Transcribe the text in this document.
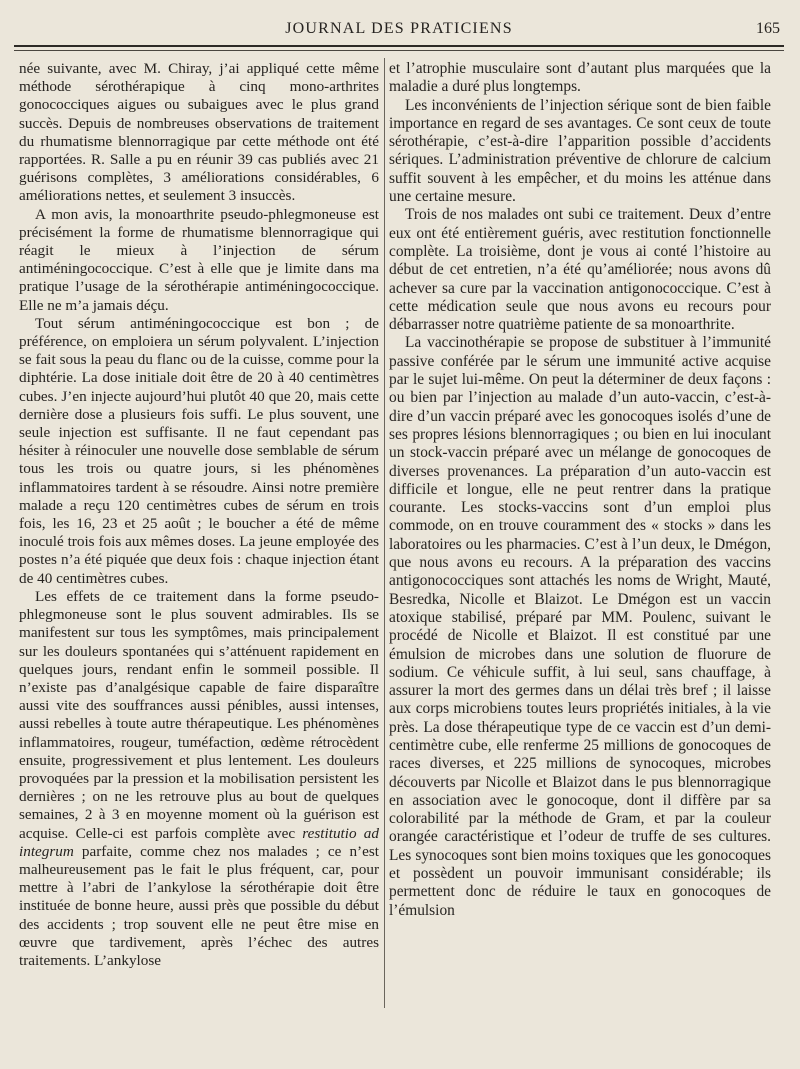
JOURNAL DES PRATICIENS	165

née suivante, avec M. Chiray, j’ai appliqué cette même méthode sérothérapique à cinq mono-arthrites gonococciques aigues ou subaigues avec le plus grand succès. Depuis de nombreuses observations de traitement du rhumatisme blennorragique par cette méthode ont été rapportées. R. Salle a pu en réunir 39 cas publiés avec 21 guérisons complètes, 3 améliorations considérables, 6 améliorations nettes, et seulement 3 insuccès.

A mon avis, la monoarthrite pseudo-phlegmoneuse est précisément la forme de rhumatisme blennorragique qui réagit le mieux à l’injection de sérum antiméningococcique. C’est à elle que je limite dans ma pratique l’usage de la sérothérapie antiméningococcique. Elle ne m’a jamais déçu.

Tout sérum antiméningococcique est bon ; de préférence, on emploiera un sérum polyvalent. L’injection se fait sous la peau du flanc ou de la cuisse, comme pour la diphtérie. La dose initiale doit être de 20 à 40 centimètres cubes. J’en injecte aujourd’hui plutôt 40 que 20, mais cette dernière dose a plusieurs fois suffi. Le plus souvent, une seule injection est suffisante. Il ne faut cependant pas hésiter à réinoculer une nouvelle dose semblable de sérum tous les trois ou quatre jours, si les phénomènes inflammatoires tardent à se résoudre. Ainsi notre première malade a reçu 120 centimètres cubes de sérum en trois fois, les 16, 23 et 25 août ; le boucher a été de même inoculé trois fois aux mêmes doses. La jeune employée des postes n’a été piquée que deux fois : chaque injection étant de 40 centimètres cubes.

Les effets de ce traitement dans la forme pseudo-phlegmoneuse sont le plus souvent admirables. Ils se manifestent sur tous les symptômes, mais principalement sur les douleurs spontanées qui s’atténuent rapidement en quelques jours, rendant enfin le sommeil possible. Il n’existe pas d’analgésique capable de faire disparaître aussi vite des souffrances aussi pénibles, aussi intenses, aussi rebelles à toute autre thérapeutique. Les phénomènes inflammatoires, rougeur, tuméfaction, œdème rétrocèdent ensuite, progressivement et plus lentement. Les douleurs provoquées par la pression et la mobilisation persistent les dernières ; on ne les retrouve plus au bout de quelques semaines, 2 à 3 en moyenne moment où la guérison est acquise. Celle-ci est parfois complète avec restitutio ad integrum parfaite, comme chez nos malades ; ce n’est malheureusement pas le fait le plus fréquent, car, pour mettre à l’abri de l’ankylose la sérothérapie doit être instituée de bonne heure, aussi près que possible du début des accidents ; trop souvent elle ne peut être mise en œuvre que tardivement, après l’échec des autres traitements. L’ankylose

et l’atrophie musculaire sont d’autant plus marquées que la maladie a duré plus longtemps.

Les inconvénients de l’injection sérique sont de bien faible importance en regard de ses avantages. Ce sont ceux de toute sérothérapie, c’est-à-dire l’apparition possible d’accidents sériques. L’administration préventive de chlorure de calcium suffit souvent à les empêcher, et du moins les atténue dans une certaine mesure.

Trois de nos malades ont subi ce traitement. Deux d’entre eux ont été entièrement guéris, avec restitution fonctionnelle complète. La troisième, dont je vous ai conté l’histoire au début de cet entretien, n’a été qu’améliorée; nous avons dû achever sa cure par la vaccination antigonococcique. C’est à cette médication seule que nous avons eu recours pour débarrasser notre quatrième patiente de sa monoarthrite.

La vaccinothérapie se propose de substituer à l’immunité passive conférée par le sérum une immunité active acquise par le sujet lui-même. On peut la déterminer de deux façons : ou bien par l’injection au malade d’un auto-vaccin, c’est-à-dire d’un vaccin préparé avec les gonocoques isolés d’une de ses propres lésions blennorragiques ; ou bien en lui inoculant un stock-vaccin préparé avec un mélange de gonocoques de diverses provenances. La préparation d’un auto-vaccin est difficile et longue, elle ne peut rentrer dans la pratique courante. Les stocks-vaccins sont d’un emploi plus commode, on en trouve couramment des « stocks » dans les laboratoires ou les pharmacies. C’est à l’un deux, le Dmégon, que nous avons eu recours. A la préparation des vaccins antigonococciques sont attachés les noms de Wright, Mauté, Besredka, Nicolle et Blaizot. Le Dmégon est un vaccin atoxique stabilisé, préparé par MM. Poulenc, suivant le procédé de Nicolle et Blaizot. Il est constitué par une émulsion de microbes dans une solution de fluorure de sodium. Ce véhicule suffit, à lui seul, sans chauffage, à assurer la mort des germes dans un délai très bref ; il laisse aux corps microbiens toutes leurs propriétés initiales, à la vie près. La dose thérapeutique type de ce vaccin est d’un demi-centimètre cube, elle renferme 25 millions de gonocoques de races diverses, et 225 millions de synocoques, microbes découverts par Nicolle et Blaizot dans le pus blennorragique en association avec le gonocoque, dont il diffère par sa colorabilité par la méthode de Gram, et par la couleur orangée caractéristique et l’odeur de truffe de ses cultures. Les synocoques sont bien moins toxiques que les gonocoques et possèdent un pouvoir immunisant considérable; ils permettent donc de réduire le taux en gonocoques de l’émulsion
